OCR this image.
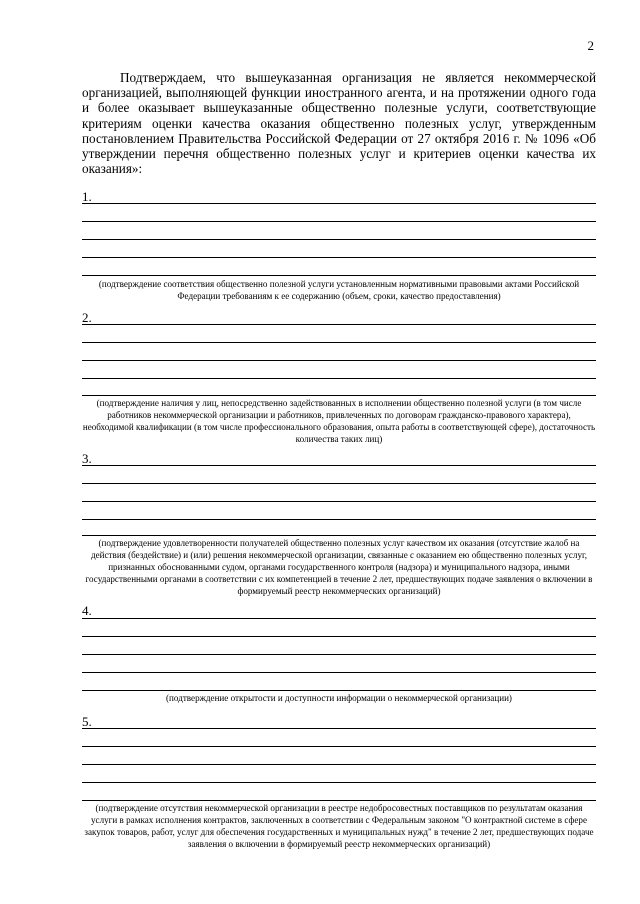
2

Подтверждаем, что вышеуказанная организация не является некоммерческой организацией, выполняющей функции иностранного агента, и на протяжении одного года и более оказывает вышеуказанные общественно полезные услуги, соответствующие критериям оценки качества оказания общественно полезных услуг, утвержденным постановлением Правительства Российской Федерации от 27 октября 2016 г. № 1096 «Об утверждении перечня общественно полезных услуг и критериев оценки качества их оказания»:

1.

(подтверждение соответствия общественно полезной услуги установленным нормативными правовыми актами Российской Федерации требованиям к ее содержанию (объем, сроки, качество предоставления)

2.

(подтверждение наличия у лиц, непосредственно задействованных в исполнении общественно полезной услуги (в том числе работников некоммерческой организации и работников, привлеченных по договорам гражданско-правового характера), необходимой квалификации (в том числе профессионального образования, опыта работы в соответствующей сфере), достаточность количества таких лиц)

3.

(подтверждение удовлетворенности получателей общественно полезных услуг качеством их оказания (отсутствие жалоб на действия (бездействие) и (или) решения некоммерческой организации, связанные с оказанием ею общественно полезных услуг, признанных обоснованными судом, органами государственного контроля (надзора) и муниципального надзора, иными государственными органами в соответствии с их компетенцией в течение 2 лет, предшествующих подаче заявления о включении в формируемый реестр некоммерческих организаций)

4.

(подтверждение открытости и доступности информации о некоммерческой организации)

5.

(подтверждение отсутствия некоммерческой организации в реестре недобросовестных поставщиков по результатам оказания услуги в рамках исполнения контрактов, заключенных в соответствии с Федеральным законом "О контрактной системе в сфере закупок товаров, работ, услуг для обеспечения государственных и муниципальных нужд" в течение 2 лет, предшествующих подаче заявления о включении в формируемый реестр некоммерческих организаций)
